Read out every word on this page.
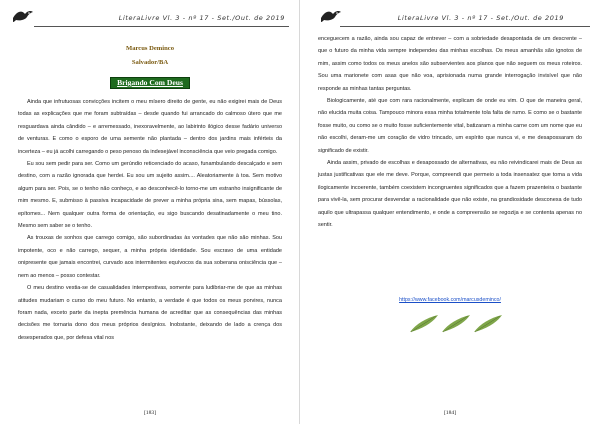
LiteraLivre Vl. 3 - nº 17 - Set./Out. de 2019
Marcus Deminco
Salvador/BA
Brigando Com Deus

Ainda que infrutuosas convicções incitem o meu mísero direito de gente, eu não exigirei mais de Deus todas as explicações que me foram subtraídas – desde quando fui arrancado do calmoso útero que me resguardava ainda cândido – e arremessado, inexoravelmente, ao labirinto ilógico desse fadário universo de venturas. E como o esporo de uma semente não plantada – dentro dos jardins mais inférteis da incerteza – eu já acolhi carregando o peso penoso da indesejável inconsciência que veio pregada comigo.

Eu sou sem pedir para ser. Como um gerúndio reticenciado do acaso, funambulando descalçado e sem destino, com a razão ignorada que herdei. Eu sou um sujeito assim.... Aleatoriamente à toa. Sem motivo algum para ser. Pois, se o tenho não conheço, e ao desconhecê-lo torno-me um estranho insignificante de mim mesmo. E, submisso à passiva incapacidade de prever a minha própria sina, sem mapas, bússolas, epítomes... Nem qualquer outra forma de orientação, eu sigo buscando desatinadamente o meu tino. Mesmo sem saber se o tenho.

As trouxas de sonhos que carrego comigo, são subordinadas às vontades que não são minhas. Sou impotente, oco e não carrego, sequer, a minha própria identidade. Sou escravo de uma entidade onipresente que jamais encontrei, curvado aos intermitentes equívocos da sua soberana onisciência que – nem ao menos – posso contestar.

O meu destino vestia-se de casualidades intempestivas, somente para ludibriar-me de que as minhas atitudes mudariam o curso do meu futuro. No entanto, a verdade é que todos os meus porvires, nunca foram nada, exceto parte da inepta premência humana de acreditar que as consequências das minhas decisões me tornaria dono dos meus próprios desígnios. Inobstante, deixando de lado a crença dos desesperados que, por defesa vital nos

[183]
LiteraLivre Vl. 3 - nº 17 - Set./Out. de 2019

enceguecem a razão, ainda sou capaz de entrever – com a sobriedade desapontada de um descrente – que o futuro da minha vida sempre independeu das minhas escolhas. Os meus amanhãs são ignotos de mim, assim como todos os meus anelos são subservientes aos planos que não seguem os meus roteiros. Sou uma marionete com asas que não voa, aprisionada numa grande interrogação invisível que não responde as minhas tantas perguntas.

Biologicamente, até que com rara racionalmente, explicam de onde eu vim. O que de maneira geral, não elucida muita coisa. Tampouco minora essa minha totalmente tola falta de rumo. E como se o bastante fosse muito, ou como se o muito fosse suficientemente vital, batizaram a minha carne com um nome que eu não escolhi, deram-me um coração de vidro trincado, um espírito que nunca vi, e me desapossaram do significado de existir.

Ainda assim, privado de escolhas e desapossado de alternativas, eu não reivindicarei mais de Deus as justas justificativas que ele me deve. Porque, compreendi que permeio a toda insensatez que toma a vida ilogicamente incoerente, também coexistem incongruentes significados que a fazem prazenteira o bastante para vivê-la, sem procurar desvendar a racionalidade que não existe, na grandiosidade desconexa de tudo aquilo que ultrapassa qualquer entendimento, e onde a compreensão se regozija e se contenta apenas no sentir.

https://www.facebook.com/marcusdeminco/
[184]
